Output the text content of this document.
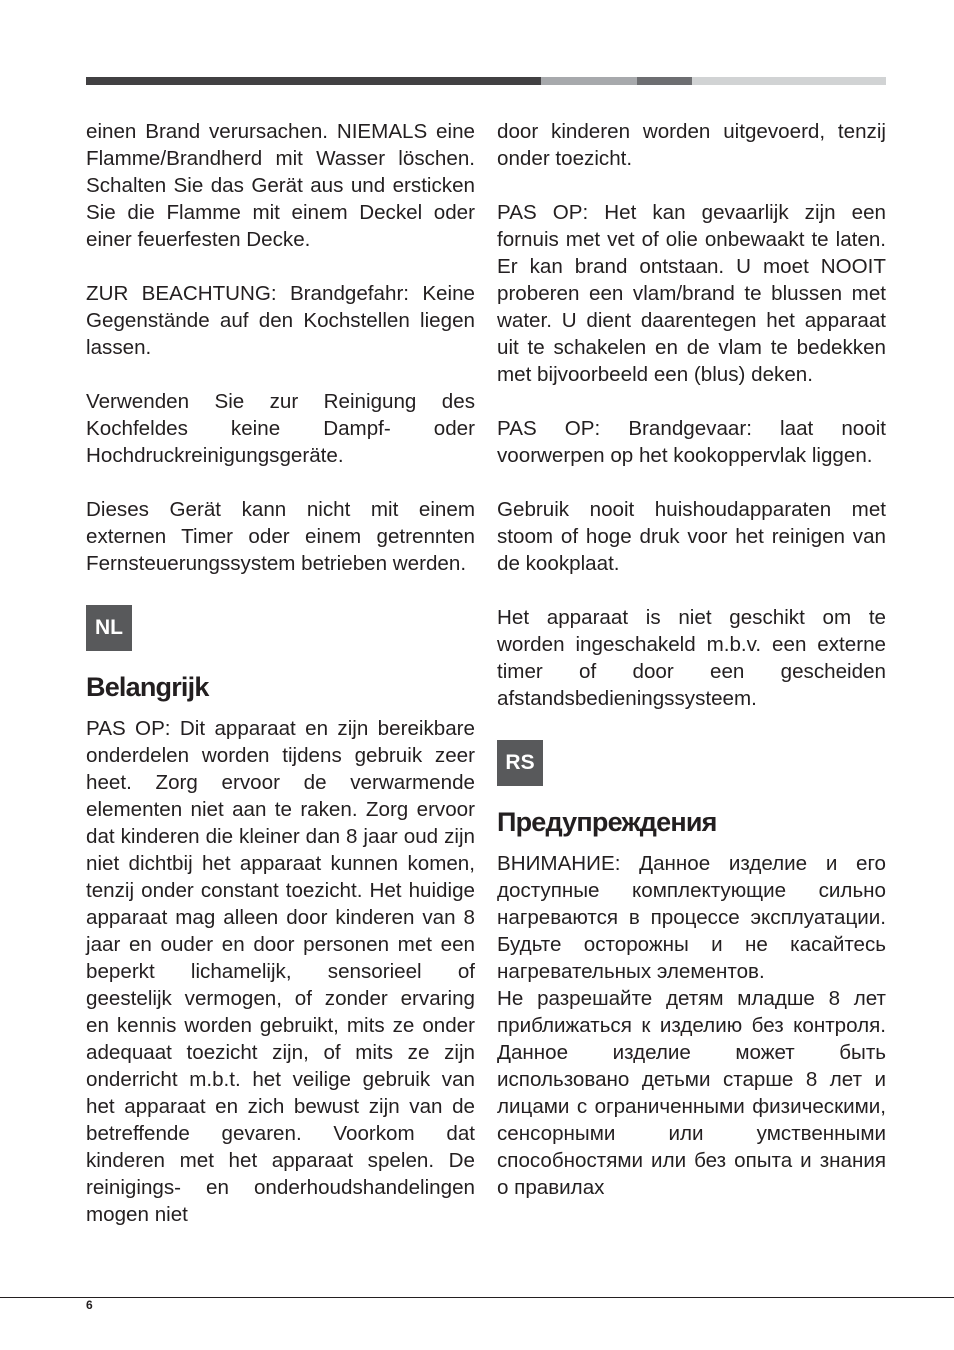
einen Brand verursachen. NIEMALS eine Flamme/Brandherd mit Wasser löschen. Schalten Sie das Gerät aus und ersticken Sie die Flamme mit einem Deckel oder einer feuerfesten Decke.

ZUR BEACHTUNG: Brandgefahr: Keine Gegenstände auf den Kochstellen liegen lassen.

Verwenden Sie zur Reinigung des Kochfeldes keine Dampf- oder Hochdruckreinigungsgeräte.

Dieses Gerät kann nicht mit einem externen Timer oder einem getrennten Fernsteuerungssystem betrieben werden.

NL
Belangrijk

PAS OP: Dit apparaat en zijn bereikbare onderdelen worden tijdens gebruik zeer heet. Zorg ervoor de verwarmende elementen niet aan te raken. Zorg ervoor dat kinderen die kleiner dan 8 jaar oud zijn niet dichtbij het apparaat kunnen komen, tenzij onder constant toezicht. Het huidige apparaat mag alleen door kinderen van 8 jaar en ouder en door personen met een beperkt lichamelijk, sensorieel of geestelijk vermogen, of zonder ervaring en kennis worden gebruikt, mits ze onder adequaat toezicht zijn, of mits ze zijn onderricht m.b.t. het veilige gebruik van het apparaat en zich bewust zijn van de betreffende gevaren. Voorkom dat kinderen met het apparaat spelen. De reinigings- en onderhoudshandelingen mogen niet

door kinderen worden uitgevoerd, tenzij onder toezicht.

PAS OP: Het kan gevaarlijk zijn een fornuis met vet of olie onbewaakt te laten. Er kan brand ontstaan. U moet NOOIT proberen een vlam/brand te blussen met water. U dient daarentegen het apparaat uit te schakelen en de vlam te bedekken met bijvoorbeeld een (blus) deken.

PAS OP: Brandgevaar: laat nooit voorwerpen op het kookoppervlak liggen.

Gebruik nooit huishoudapparaten met stoom of hoge druk voor het reinigen van de kookplaat.

Het apparaat is niet geschikt om te worden ingeschakeld m.b.v. een externe timer of door een gescheiden afstandsbedieningssysteem.

RS
Предупреждения

ВНИМАНИЕ: Данное изделие и его доступные комплектующие сильно нагреваются в процессе эксплуатации. Будьте осторожны и не касайтесь нагревательных элементов.

Не разрешайте детям младше 8 лет приближаться к изделию без контроля. Данное изделие может быть использовано детьми старше 8 лет и лицами с ограниченными физическими, сенсорными или умственными способностями или без опыта и знания о правилах

6
